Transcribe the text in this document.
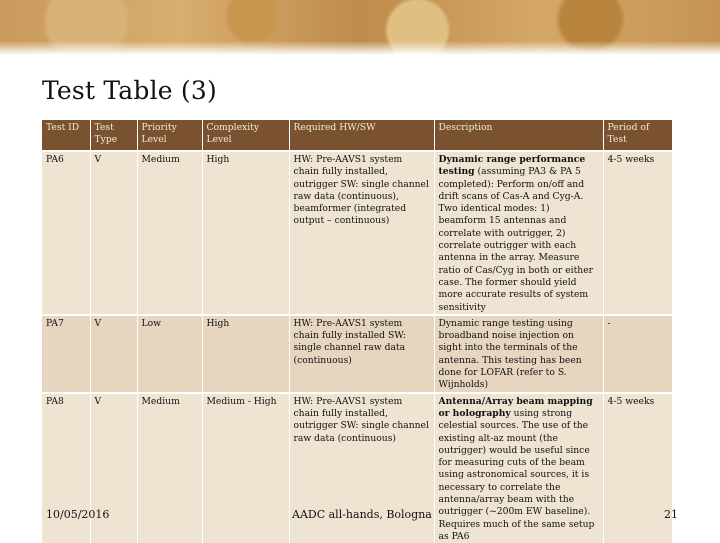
Test Table (3)
Test ID	Test Type	Priority Level	Complexity Level	Required HW/SW	Description	Period of Test
PA6	V	Medium	High	HW: Pre-AAVS1 system chain fully installed, outrigger SW: single channel raw data (continuous), beamformer (integrated output – continuous)	Dynamic range performance testing (assuming PA3 & PA 5 completed): Perform on/off and drift scans of Cas-A and Cyg-A. Two identical modes: 1) beamform 15 antennas and correlate with outrigger, 2) correlate outrigger with each antenna in the array. Measure ratio of Cas/Cyg in both or either case. The former should yield more accurate results of system sensitivity	4-5 weeks
PA7	V	Low	High	HW: Pre-AAVS1 system chain fully installed SW: single channel raw data (continuous)	Dynamic range testing using broadband noise injection on sight into the terminals of the antenna. This testing has been done for LOFAR (refer to S. Wijnholds)	-
PA8	V	Medium	Medium - High	HW: Pre-AAVS1 system chain fully installed, outrigger SW: single channel raw data (continuous)	Antenna/Array beam mapping or holography using strong celestial sources. The use of the existing alt-az mount (the outrigger) would be useful since for measuring cuts of the beam using astronomical sources, it is necessary to correlate the antenna/array beam with the outrigger (~200m EW baseline). Requires much of the same setup as PA6	4-5 weeks
10/05/2016	AADC all-hands, Bologna	21
